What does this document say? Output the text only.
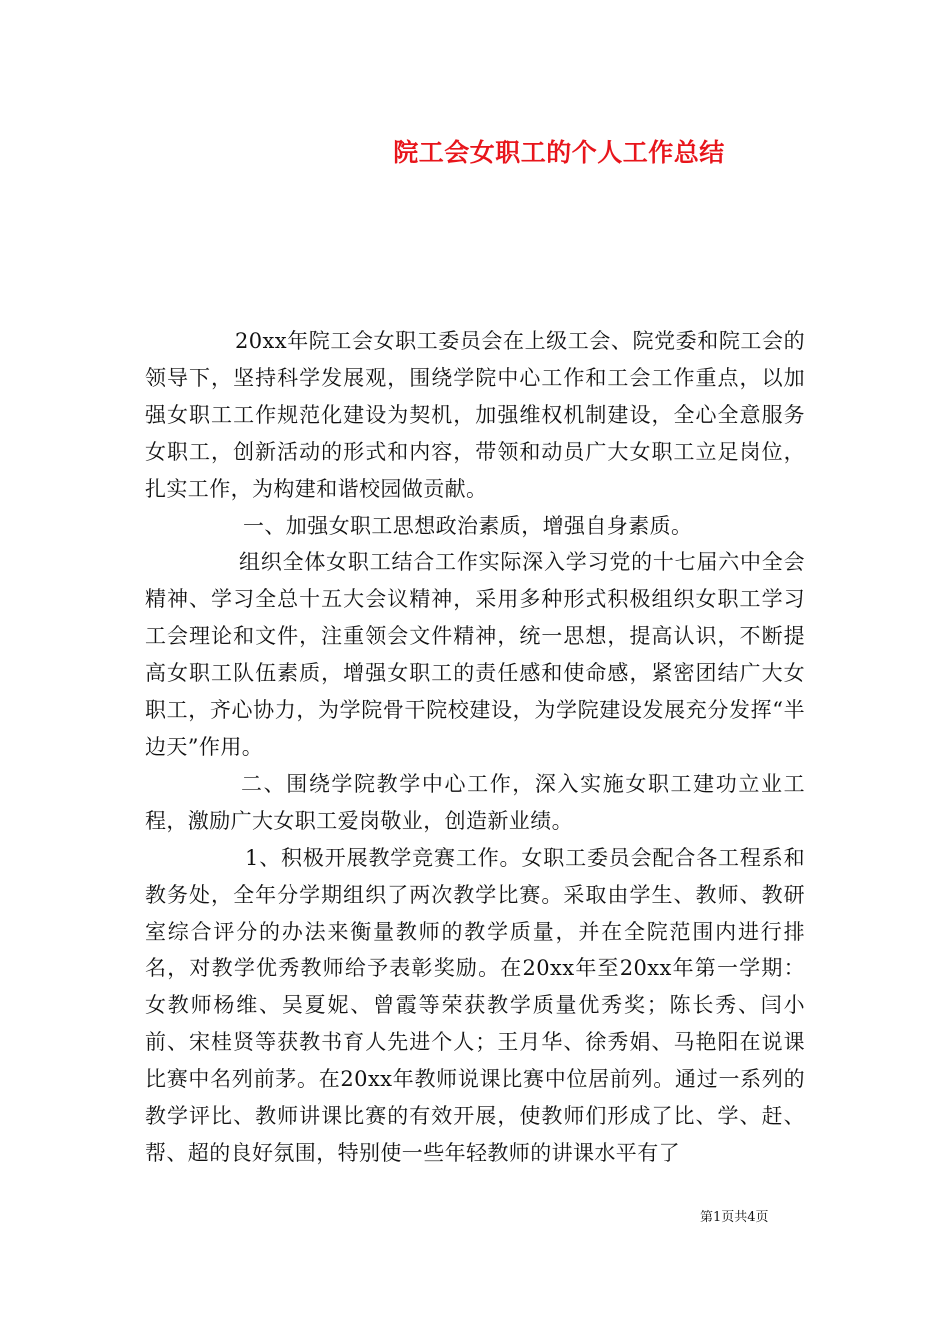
院工会女职工的个人工作总结

20xx年院工会女职工委员会在上级工会、院党委和院工会的领导下，坚持科学发展观，围绕学院中心工作和工会工作重点，以加强女职工工作规范化建设为契机，加强维权机制建设，全心全意服务女职工，创新活动的形式和内容，带领和动员广大女职工立足岗位，扎实工作，为构建和谐校园做贡献。

一、加强女职工思想政治素质，增强自身素质。

组织全体女职工结合工作实际深入学习党的十七届六中全会精神、学习全总十五大会议精神，采用多种形式积极组织女职工学习工会理论和文件，注重领会文件精神，统一思想，提高认识，不断提高女职工队伍素质，增强女职工的责任感和使命感，紧密团结广大女职工，齐心协力，为学院骨干院校建设，为学院建设发展充分发挥“半边天”作用。

二、围绕学院教学中心工作，深入实施女职工建功立业工程，激励广大女职工爱岗敬业，创造新业绩。

1、积极开展教学竞赛工作。女职工委员会配合各工程系和教务处，全年分学期组织了两次教学比赛。采取由学生、教师、教研室综合评分的办法来衡量教师的教学质量，并在全院范围内进行排名，对教学优秀教师给予表彰奖励。在20xx年至20xx年第一学期：女教师杨维、吴夏妮、曾霞等荣获教学质量优秀奖；陈长秀、闫小前、宋桂贤等获教书育人先进个人；王月华、徐秀娟、马艳阳在说课比赛中名列前茅。在20xx年教师说课比赛中位居前列。通过一系列的教学评比、教师讲课比赛的有效开展，使教师们形成了比、学、赶、帮、超的良好氛围，特别使一些年轻教师的讲课水平有了

第1页共4页
